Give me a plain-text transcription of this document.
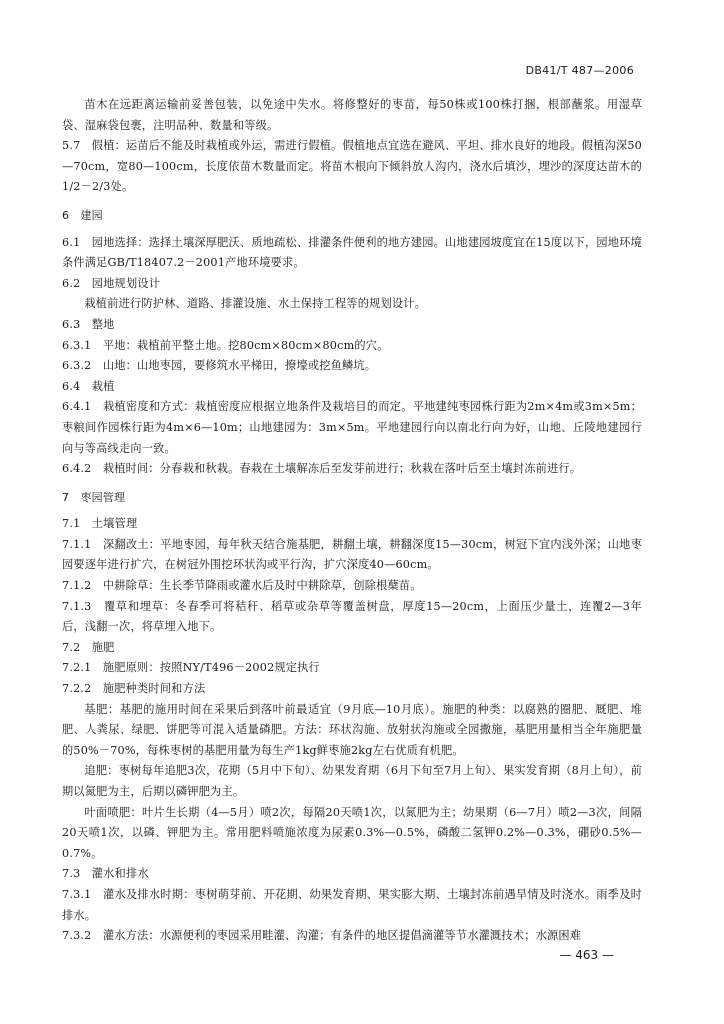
DB41/T 487—2006

苗木在远距离运输前妥善包装，以免途中失水。将修整好的枣苗，每50株或100株打捆，根部蘸浆。用湿草袋、湿麻袋包裹，注明品种、数量和等级。

5.7　假植：运苗后不能及时栽植或外运，需进行假植。假植地点宜选在避风、平坦、排水良好的地段。假植沟深50—70cm，宽80—100cm，长度依苗木数量而定。将苗木根向下倾斜放人沟内，浇水后填沙，埋沙的深度达苗木的1/2－2/3处。

6　建园

6.1　园地选择：选择土壤深厚肥沃、质地疏松、排灌条件便利的地方建园。山地建园坡度宜在15度以下，园地环境条件满足GB/T18407.2－2001产地环境要求。

6.2　园地规划设计

栽植前进行防护林、道路、排灌设施、水土保持工程等的规划设计。

6.3　整地

6.3.1　平地：栽植前平整土地。挖80cm×80cm×80cm的穴。

6.3.2　山地：山地枣园，要修筑水平梯田，撩壕或挖鱼鳞坑。

6.4　栽植

6.4.1　栽植密度和方式：栽植密度应根据立地条件及栽培目的而定。平地建纯枣园株行距为2m×4m或3m×5m；枣粮间作园株行距为4m×6—10m；山地建园为：3m×5m。平地建园行向以南北行向为好，山地、丘陵地建园行向与等高线走向一致。

6.4.2　栽植时间：分春栽和秋栽。春栽在土壤解冻后至发芽前进行；秋栽在落叶后至土壤封冻前进行。

7　枣园管理

7.1　土壤管理

7.1.1　深翻改土：平地枣园，每年秋天结合施基肥，耕翻土壤，耕翻深度15—30cm，树冠下宜内浅外深；山地枣园要逐年进行扩穴，在树冠外围挖环状沟或平行沟，扩穴深度40—60cm。

7.1.2　中耕除草：生长季节降雨或灌水后及时中耕除草，创除根蘖苗。

7.1.3　覆草和埋草：冬春季可将秸秆、稻草或杂草等覆盖树盘，厚度15—20cm，上面压少量土，连覆2—3年后，浅翻一次，将草埋入地下。

7.2　施肥

7.2.1　施肥原则：按照NY/T496－2002规定执行

7.2.2　施肥种类时间和方法

基肥：基肥的施用时间在采果后到落叶前最适宜（9月底—10月底）。施肥的种类：以腐熟的圈肥、厩肥、堆肥、人粪尿、绿肥、饼肥等可混入适量磷肥。方法：环状沟施、放射状沟施或全园撒施，基肥用量相当全年施肥量的50%－70%，每株枣树的基肥用量为每生产1kg鲜枣施2kg左右优质有机肥。

追肥：枣树每年追肥3次，花期（5月中下旬）、幼果发育期（6月下旬至7月上旬）、果实发育期（8月上旬），前期以氮肥为主，后期以磷钾肥为主。

叶面喷肥：叶片生长期（4—5月）喷2次，每隔20天喷1次，以氮肥为主；幼果期（6—7月）喷2—3次，间隔20天喷1次，以磷、钾肥为主。常用肥料喷施浓度为尿素0.3%—0.5%，磷酸二氢钾0.2%—0.3%，硼砂0.5%—0.7%。

7.3　灌水和排水

7.3.1　灌水及排水时期：枣树萌芽前、开花期、幼果发育期、果实膨大期、土壤封冻前遇旱情及时浇水。雨季及时排水。

7.3.2　灌水方法：水源便利的枣园采用畦灌、沟灌；有条件的地区提倡滴灌等节水灌溉技术；水源困难

— 463 —
